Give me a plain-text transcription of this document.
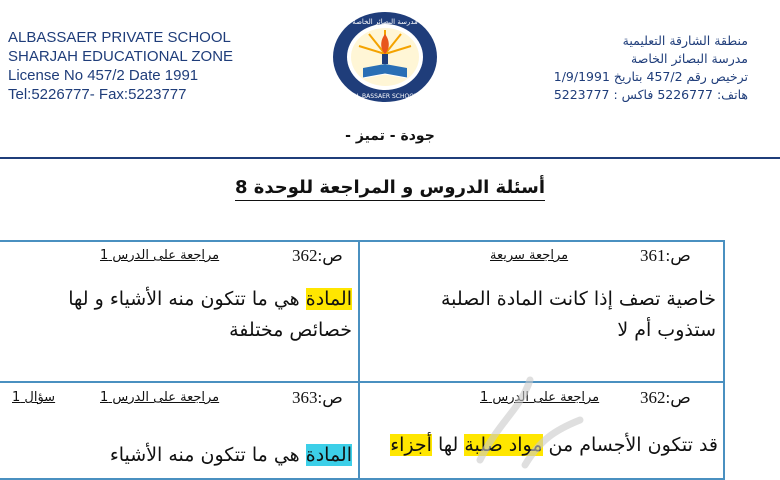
ALBASSAER PRIVATE SCHOOL
SHARJAH EDUCATIONAL ZONE
License No 457/2 Date 1991
Tel:5226777- Fax:5223777
مدرسة البصائر الخاصة
AL BASSAER SCHOOL
منطقة الشارقة التعليمية
مدرسة البصائر الخاصة
ترخيص رقم 457/2 بتاريخ 1/9/1991
هاتف: 5226777 فاكس : 5223777
جودة - تميز -
أسئلة الدروس و المراجعة للوحدة 8
ص:361
مراجعة سريعة
خاصية تصف إذا كانت المادة الصلبة ستذوب أم لا
ص:362
مراجعة على الدرس 1
المادة هي ما تتكون منه الأشياء و لها خصائص مختلفة
ص:362
مراجعة على الدرس 1
قد تتكون الأجسام من مواد صلبة لها أجزاء
ص:363
مراجعة على الدرس 1
سؤال 1
المادة هي ما تتكون منه الأشياء
